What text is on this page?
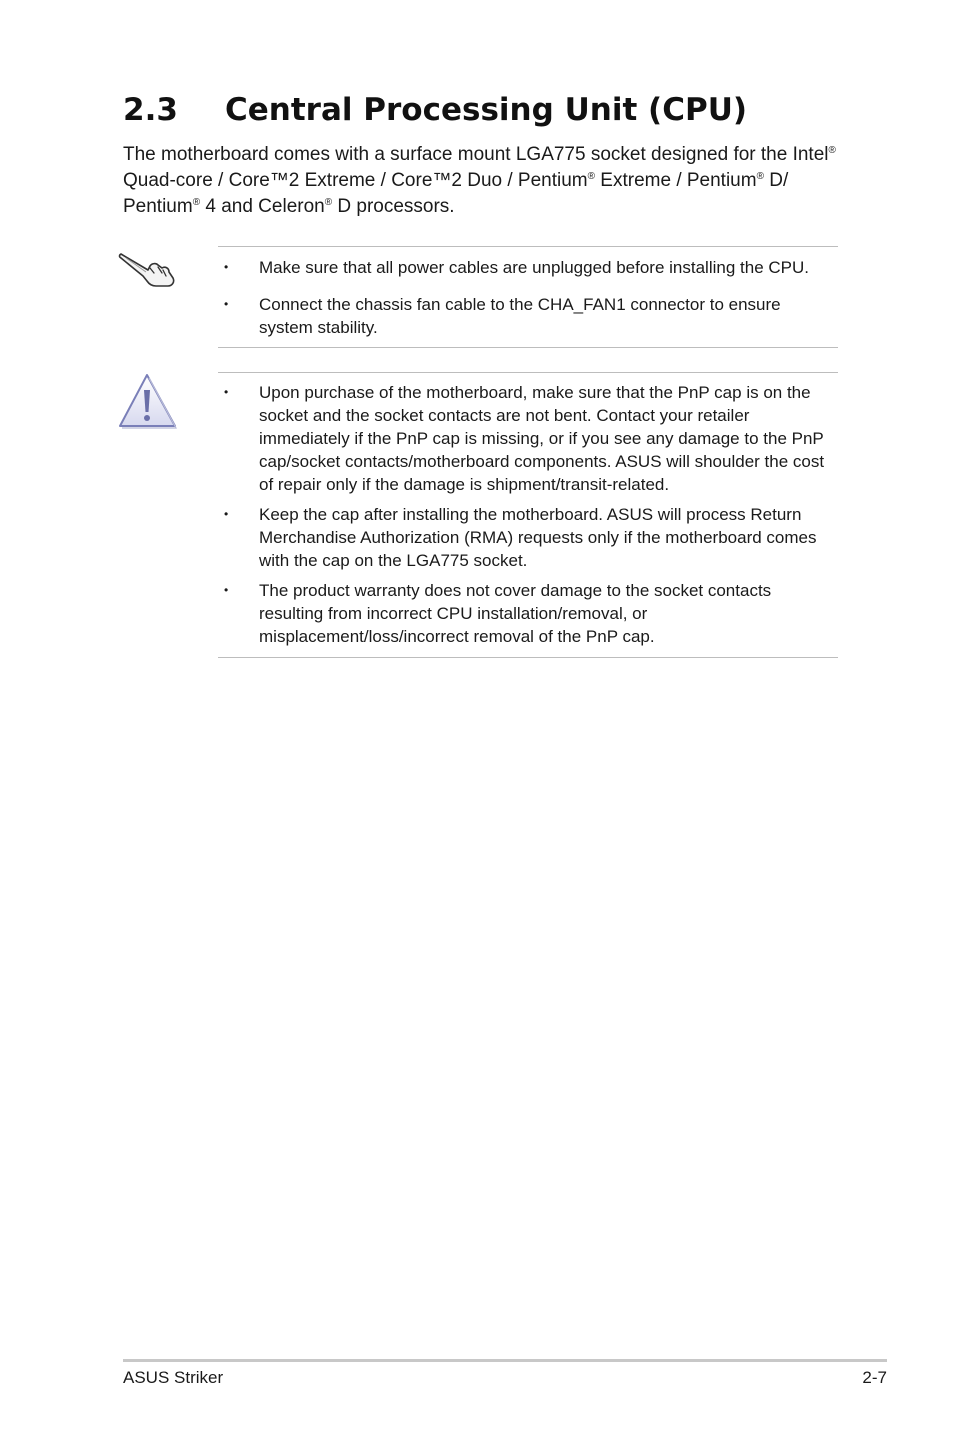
2.3 Central Processing Unit (CPU)
The motherboard comes with a surface mount LGA775 socket designed for the Intel® Quad-core / Core™2 Extreme / Core™2 Duo / Pentium® Extreme / Pentium® D/ Pentium® 4 and Celeron® D processors.
• Make sure that all power cables are unplugged before installing the CPU.
• Connect the chassis fan cable to the CHA_FAN1 connector to ensure system stability.
• Upon purchase of the motherboard, make sure that the PnP cap is on the socket and the socket contacts are not bent. Contact your retailer immediately if the PnP cap is missing, or if you see any damage to the PnP cap/socket contacts/motherboard components. ASUS will shoulder the cost of repair only if the damage is shipment/transit-related.
• Keep the cap after installing the motherboard. ASUS will process Return Merchandise Authorization (RMA) requests only if the motherboard comes with the cap on the LGA775 socket.
• The product warranty does not cover damage to the socket contacts resulting from incorrect CPU installation/removal, or misplacement/loss/incorrect removal of the PnP cap.
ASUS Striker	2-7
